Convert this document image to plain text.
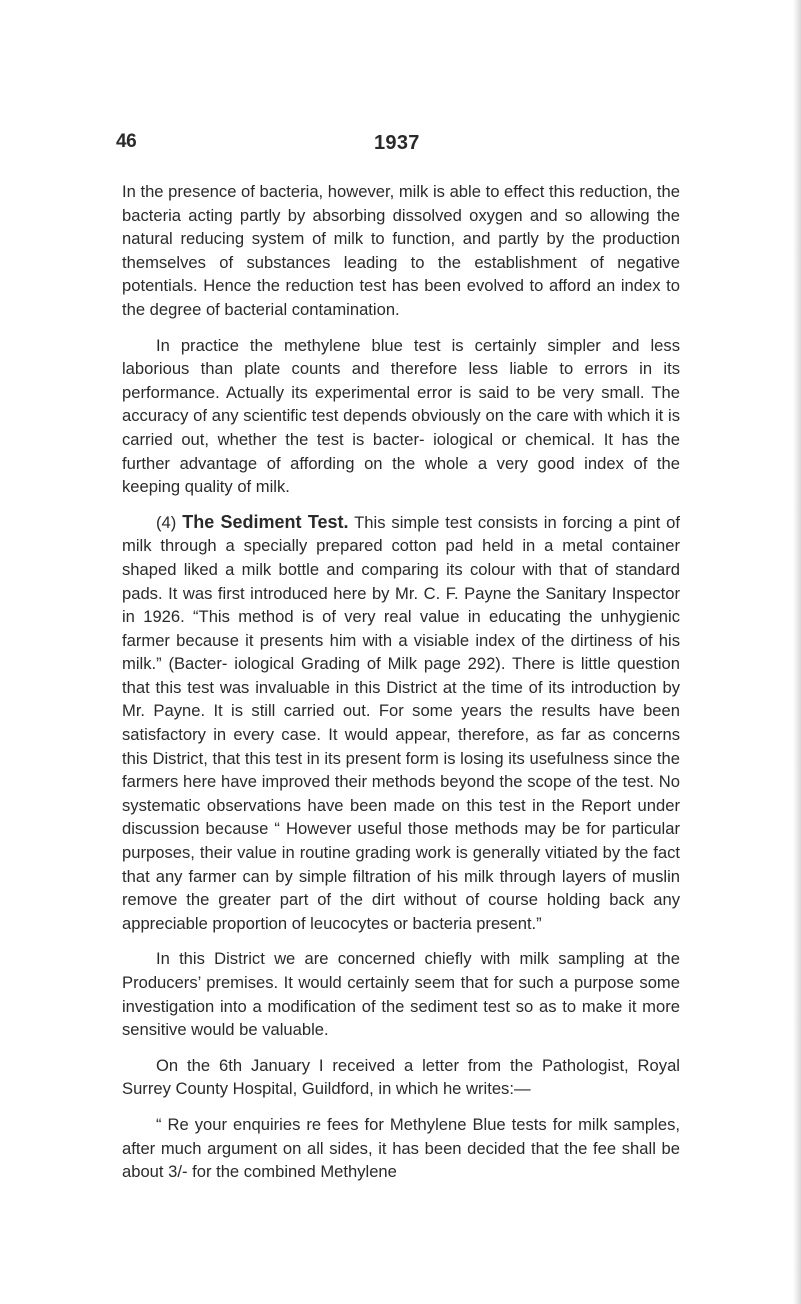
46	1937

In the presence of bacteria, however, milk is able to effect this reduction, the bacteria acting partly by absorbing dissolved oxygen and so allowing the natural reducing system of milk to function, and partly by the production themselves of substances leading to the establishment of negative potentials. Hence the reduction test has been evolved to afford an index to the degree of bacterial contamination.

In practice the methylene blue test is certainly simpler and less laborious than plate counts and therefore less liable to errors in its performance. Actually its experimental error is said to be very small. The accuracy of any scientific test depends obviously on the care with which it is carried out, whether the test is bacter- iological or chemical. It has the further advantage of affording on the whole a very good index of the keeping quality of milk.

(4) The Sediment Test. This simple test consists in forcing a pint of milk through a specially prepared cotton pad held in a metal container shaped liked a milk bottle and comparing its colour with that of standard pads. It was first introduced here by Mr. C. F. Payne the Sanitary Inspector in 1926. “This method is of very real value in educating the unhygienic farmer because it presents him with a visiable index of the dirtiness of his milk.” (Bacter- iological Grading of Milk page 292). There is little question that this test was invaluable in this District at the time of its introduction by Mr. Payne. It is still carried out. For some years the results have been satisfactory in every case. It would appear, therefore, as far as concerns this District, that this test in its present form is losing its usefulness since the farmers here have improved their methods beyond the scope of the test. No systematic observations have been made on this test in the Report under discussion because “ However useful those methods may be for particular purposes, their value in routine grading work is generally vitiated by the fact that any farmer can by simple filtration of his milk through layers of muslin remove the greater part of the dirt without of course holding back any appreciable proportion of leucocytes or bacteria present.”

In this District we are concerned chiefly with milk sampling at the Producers’ premises. It would certainly seem that for such a purpose some investigation into a modification of the sediment test so as to make it more sensitive would be valuable.

On the 6th January I received a letter from the Pathologist, Royal Surrey County Hospital, Guildford, in which he writes:—

“ Re your enquiries re fees for Methylene Blue tests for milk samples, after much argument on all sides, it has been decided that the fee shall be about 3/- for the combined Methylene
